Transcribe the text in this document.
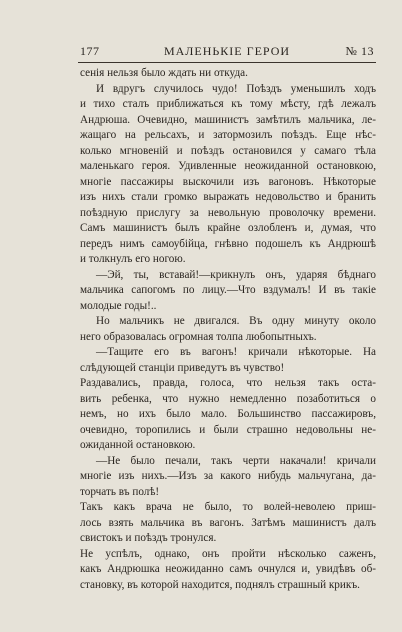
177	МАЛЕНЬКІЕ ГЕРОИ	№ 13

сенія нельзя было ждать ни откуда.

И вдругъ случилось чудо! Поѣздъ уменьшилъ ходъ
и тихо сталъ приближаться къ тому мѣсту, гдѣ лежалъ
Андрюша. Очевидно, машинистъ замѣтилъ мальчика, ле-
жащаго на рельсахъ, и затормозилъ поѣздъ. Еще нѣс-
колько мгновеній и поѣздъ остановился у самаго тѣла
маленькаго героя. Удивленные неожиданной остановкою,
многіе пассажиры выскочили изъ вагоновъ. Нѣкоторые
изъ нихъ стали громко выражать недовольство и бранить
поѣздную прислугу за невольную проволочку времени.
Самъ машинистъ былъ крайне озлобленъ и, думая, что
передъ нимъ самоубійца, гнѣвно подошелъ къ Андрюшѣ
и толкнулъ его ногою.

—Эй, ты, вставай!—крикнулъ онъ, ударяя бѣднаго
мальчика сапогомъ по лицу.—Что вздумалъ! И въ такіе
молодые годы!..

Но мальчикъ не двигался. Въ одну минуту около
него образовалась огромная толпа любопытныхъ.

—Тащите его въ вагонъ! кричали нѣкоторые. На
слѣдующей станціи приведутъ въ чувство!

Раздавались, правда, голоса, что нельзя такъ оста-
вить ребенка, что нужно немедленно позаботиться о
немъ, но ихъ было мало. Большинство пассажировъ,
очевидно, торопились и были страшно недовольны не-
ожиданной остановкою.

—Не было печали, такъ черти накачали! кричали
многіе изъ нихъ.—Изъ за какого нибудь мальчугана, да-
торчать въ полѣ!

Такъ какъ врача не было, то волей-неволею приш-
лось взять мальчика въ вагонъ. Затѣмъ машинистъ далъ
свистокъ и поѣздъ тронулся.

Не успѣлъ, однако, онъ пройти нѣсколько саженъ,
какъ Андрюшка неожиданно самъ очнулся и, увидѣвъ об-
становку, въ которой находится, поднялъ страшный крикъ.
